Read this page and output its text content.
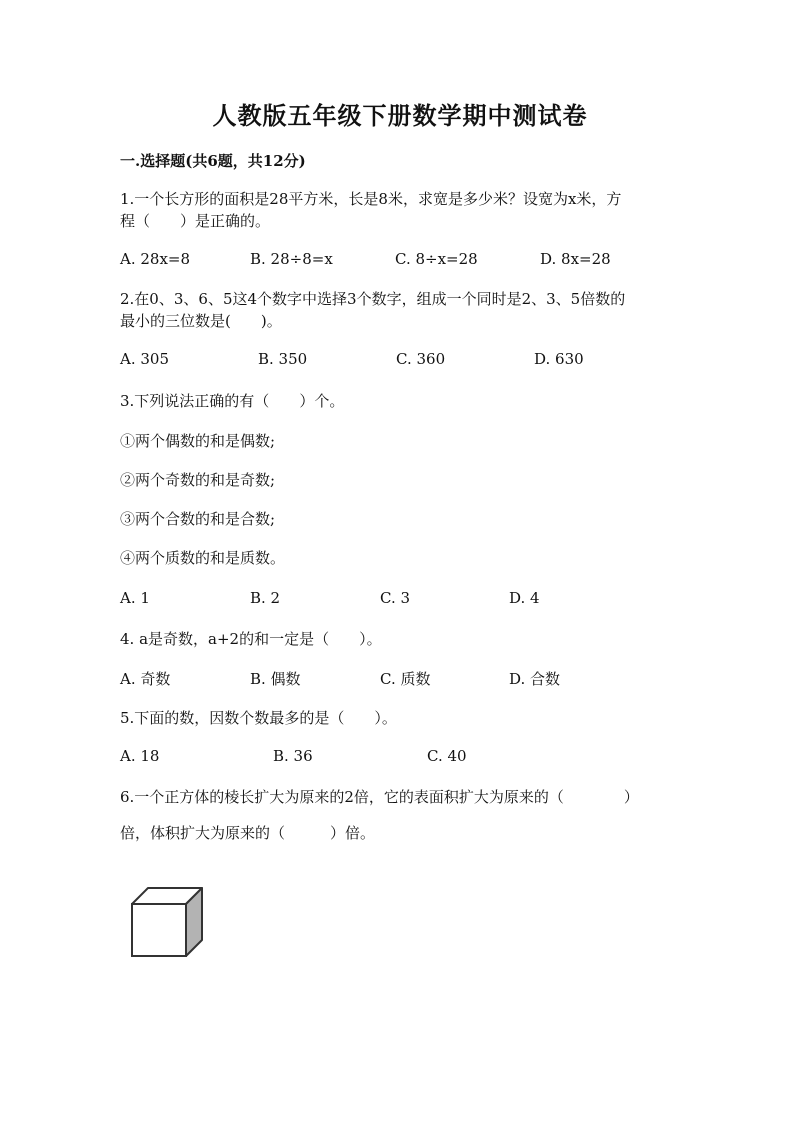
人教版五年级下册数学期中测试卷
一.选择题(共6题，共12分)
1.一个长方形的面积是28平方米，长是8米，求宽是多少米？设宽为x米，方
程（　　）是正确的。
A. 28x=8	B. 28÷8=x	C. 8÷x=28	D. 8x=28
2.在0、3、6、5这4个数字中选择3个数字，组成一个同时是2、3、5倍数的
最小的三位数是(　　)。
A. 305	B. 350	C. 360	D. 630
3.下列说法正确的有（　　）个。
①两个偶数的和是偶数;
②两个奇数的和是奇数;
③两个合数的和是合数;
④两个质数的和是质数。
A. 1	B. 2	C. 3	D. 4
4. a是奇数，a+2的和一定是（　　）。
A. 奇数	B. 偶数	C. 质数	D. 合数
5.下面的数，因数个数最多的是（　　）。
A. 18	B. 36	C. 40
6.一个正方体的棱长扩大为原来的2倍，它的表面积扩大为原来的（　　　　）
倍，体积扩大为原来的（　　　）倍。
